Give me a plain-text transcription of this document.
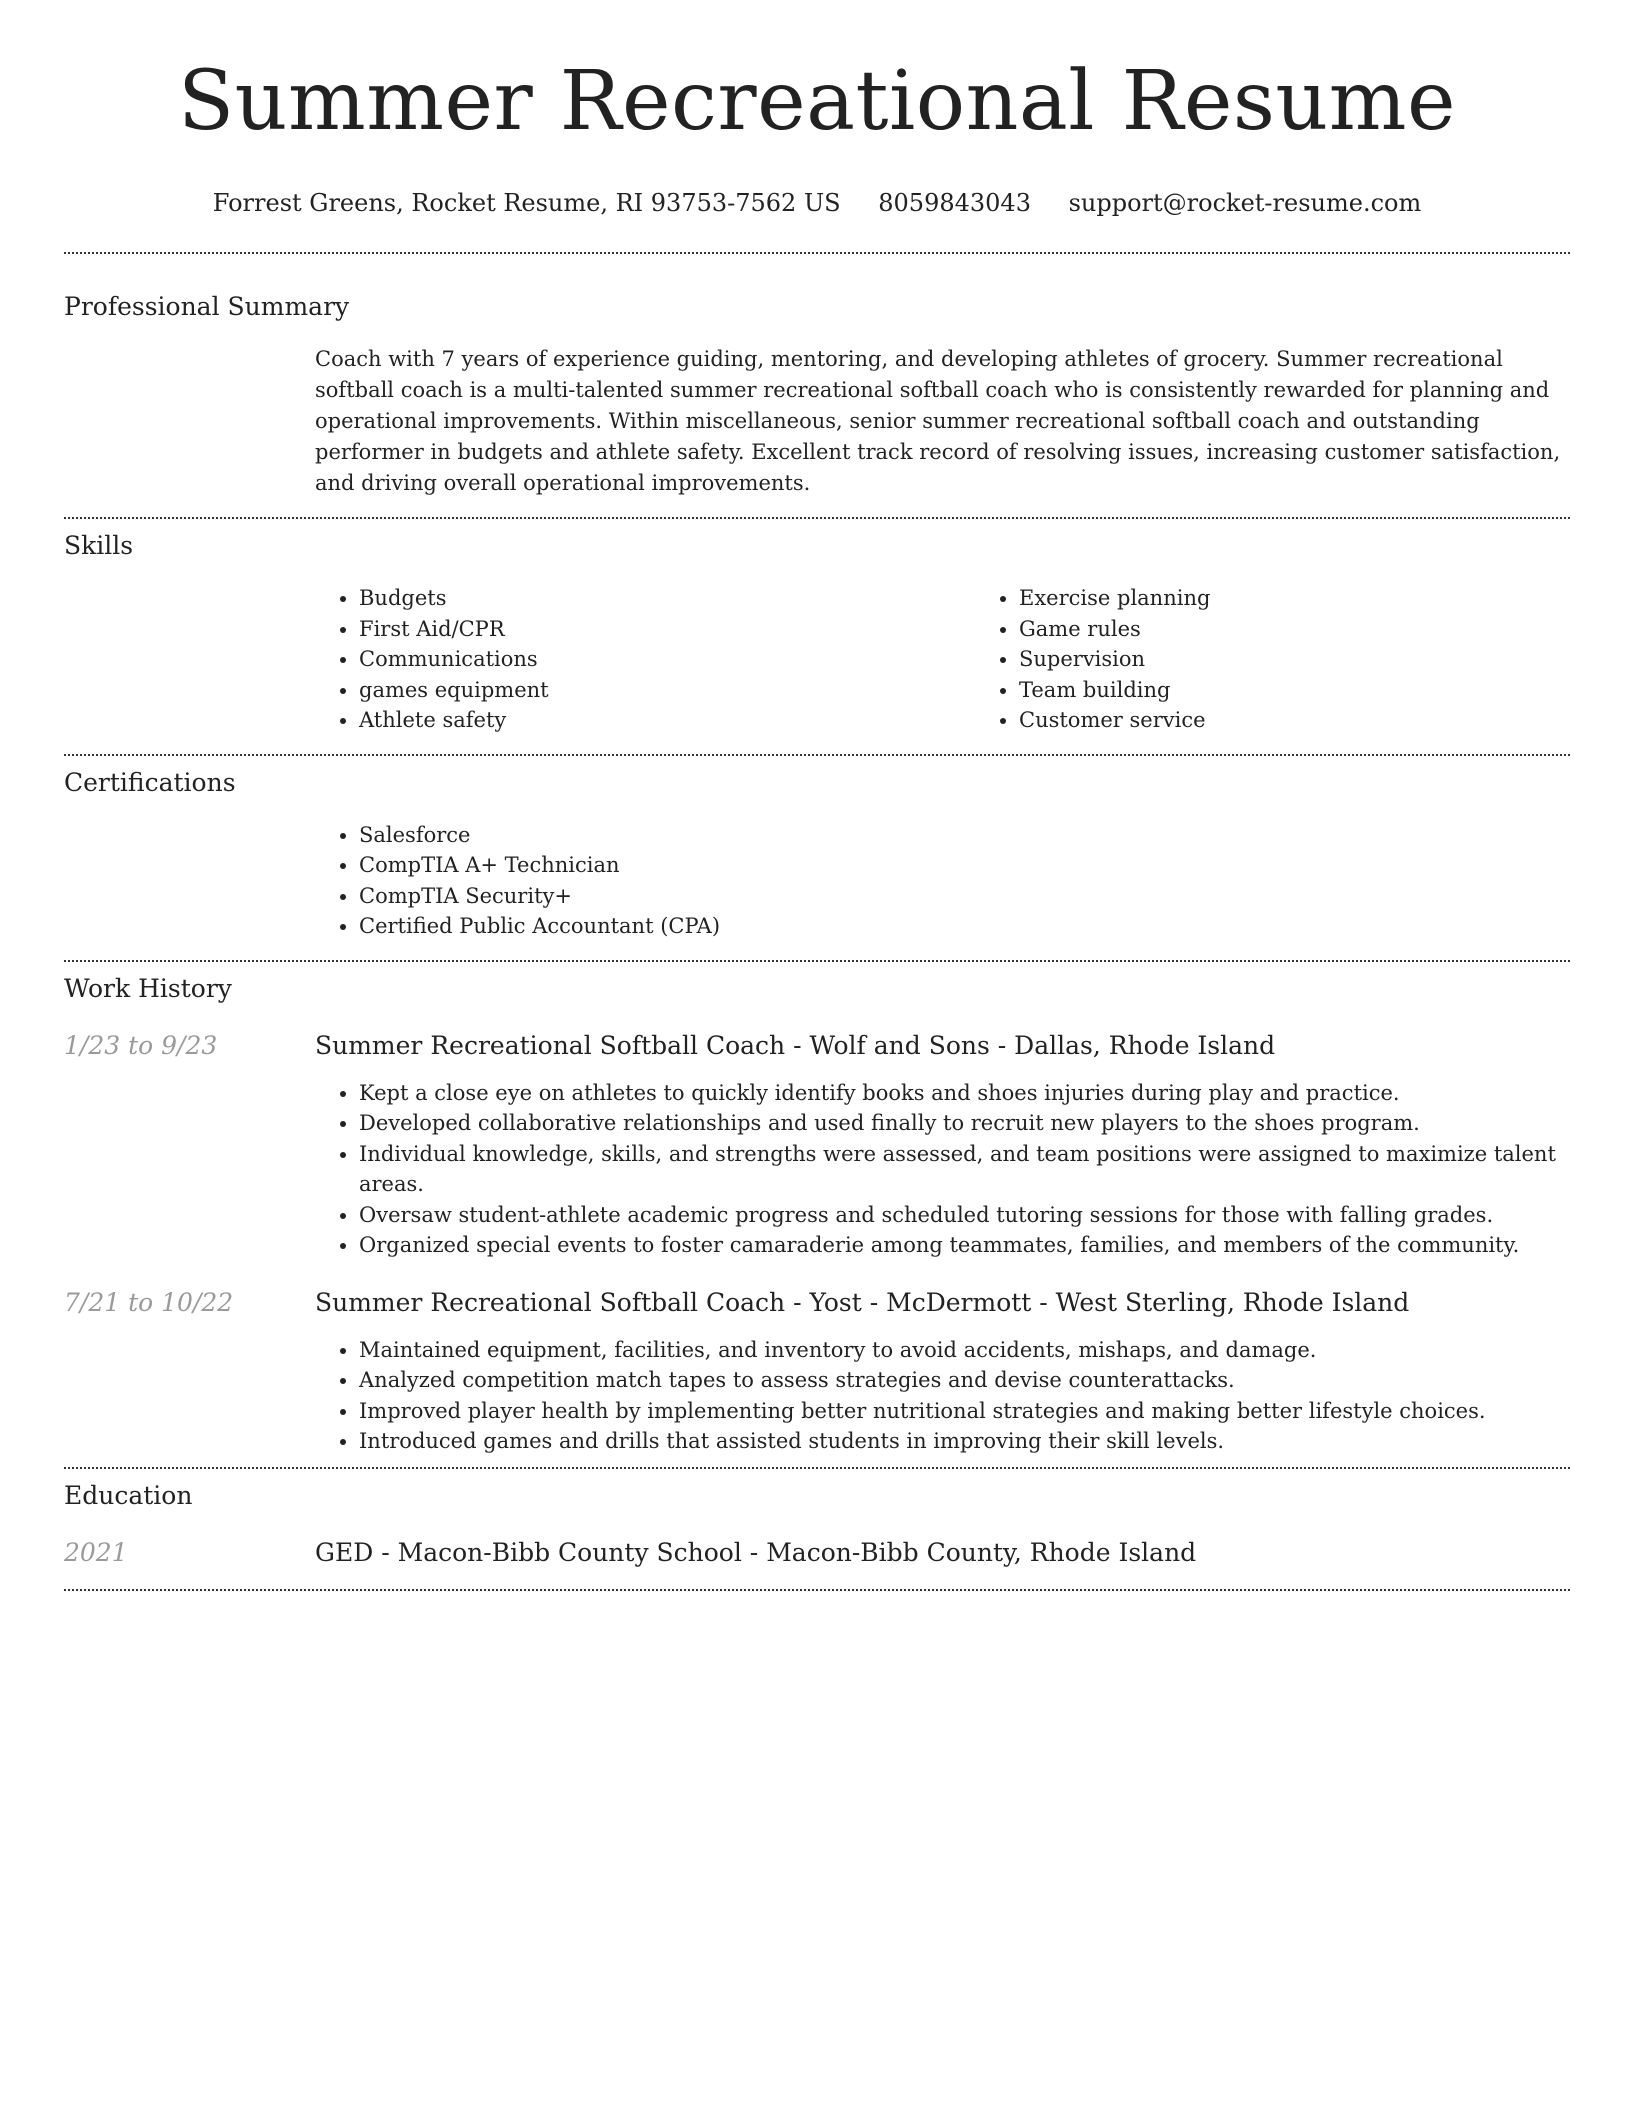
Summer Recreational Resume
Forrest Greens, Rocket Resume, RI 93753-7562 US 8059843043 support@rocket-resume.com
Professional Summary

Coach with 7 years of experience guiding, mentoring, and developing athletes of grocery. Summer recreational softball coach is a multi-talented summer recreational softball coach who is consistently rewarded for planning and operational improvements. Within miscellaneous, senior summer recreational softball coach and outstanding performer in budgets and athlete safety. Excellent track record of resolving issues, increasing customer satisfaction, and driving overall operational improvements.

Skills
• Budgets
• First Aid/CPR
• Communications
• games equipment
• Athlete safety
• Exercise planning
• Game rules
• Supervision
• Team building
• Customer service
Certifications
• Salesforce
• CompTIA A+ Technician
• CompTIA Security+
• Certified Public Accountant (CPA)
Work History
1/23 to 9/23	Summer Recreational Softball Coach - Wolf and Sons - Dallas, Rhode Island
• Kept a close eye on athletes to quickly identify books and shoes injuries during play and practice.
• Developed collaborative relationships and used finally to recruit new players to the shoes program.
• Individual knowledge, skills, and strengths were assessed, and team positions were assigned to maximize talent areas.
• Oversaw student-athlete academic progress and scheduled tutoring sessions for those with falling grades.
• Organized special events to foster camaraderie among teammates, families, and members of the community.
7/21 to 10/22	Summer Recreational Softball Coach - Yost - McDermott - West Sterling, Rhode Island
• Maintained equipment, facilities, and inventory to avoid accidents, mishaps, and damage.
• Analyzed competition match tapes to assess strategies and devise counterattacks.
• Improved player health by implementing better nutritional strategies and making better lifestyle choices.
• Introduced games and drills that assisted students in improving their skill levels.
Education
2021	GED - Macon-Bibb County School - Macon-Bibb County, Rhode Island
